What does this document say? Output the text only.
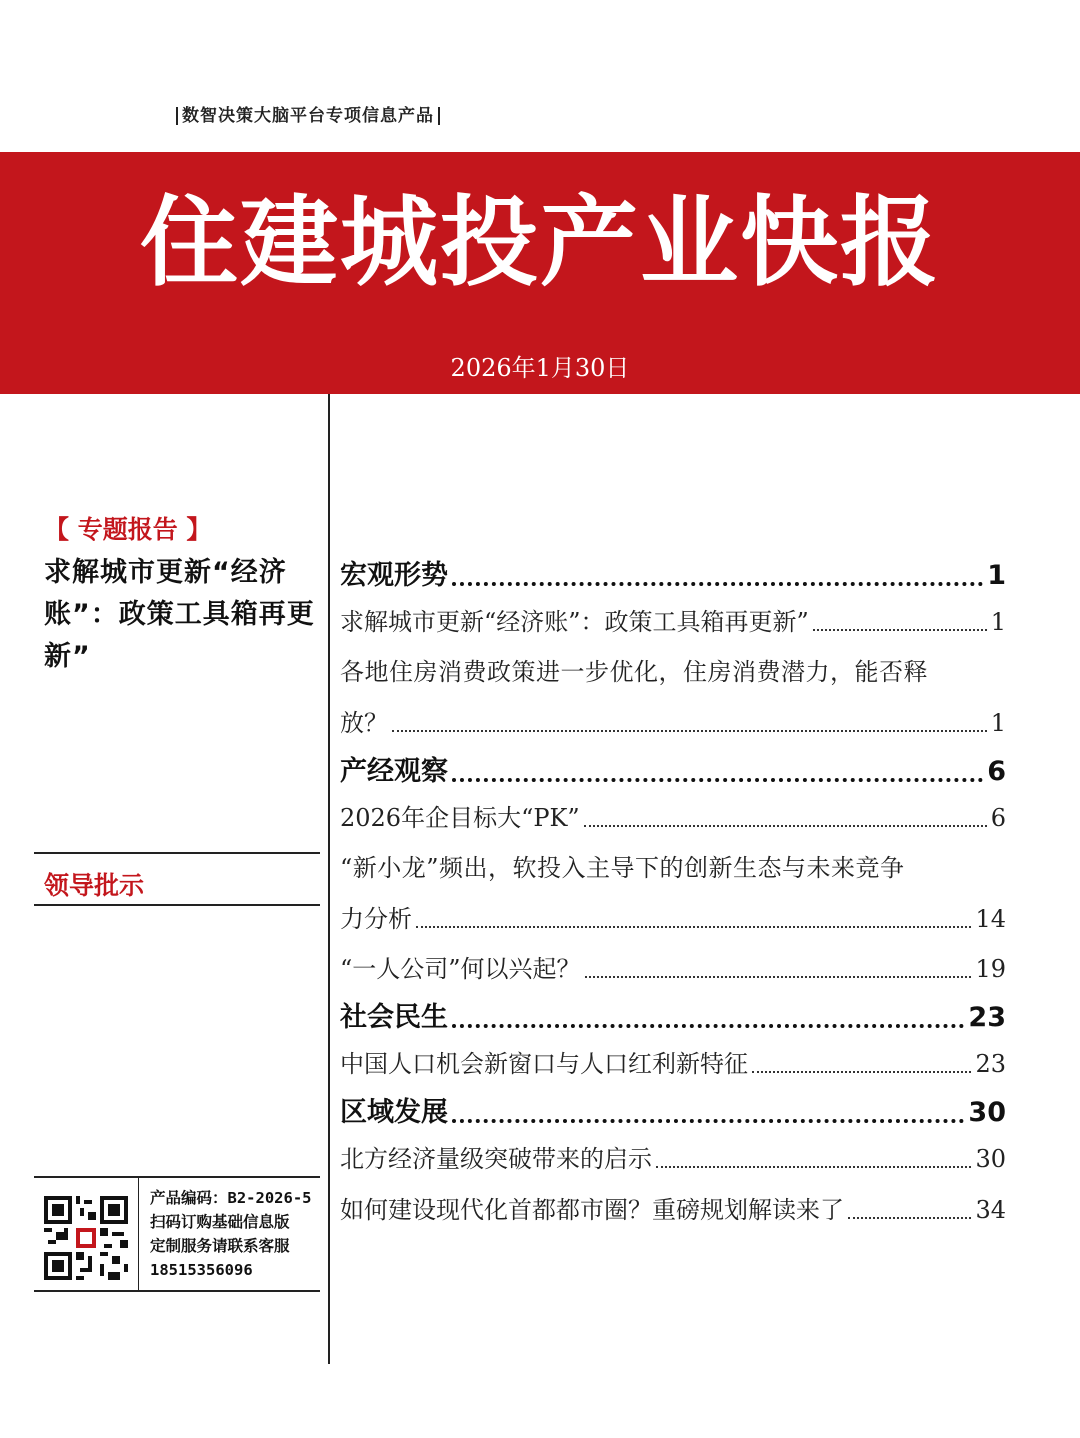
数智决策大脑平台专项信息产品
住建城投产业快报
2026年1月30日
【 专题报告 】
求解城市更新“经济账”：政策工具箱再更新”
领导批示
产品编码：B2-2026-5
扫码订购基础信息版
定制服务请联系客服
18515356096
宏观形势	1
求解城市更新“经济账”：政策工具箱再更新”	1
各地住房消费政策进一步优化，住房消费潜力，能否释
放？	1
产经观察	6
2026年企目标大“PK”	6
“新小龙”频出，软投入主导下的创新生态与未来竞争
力分析	14
“一人公司”何以兴起？	19
社会民生	23
中国人口机会新窗口与人口红利新特征	23
区域发展	30
北方经济量级突破带来的启示	30
如何建设现代化首都都市圈？重磅规划解读来了	34
